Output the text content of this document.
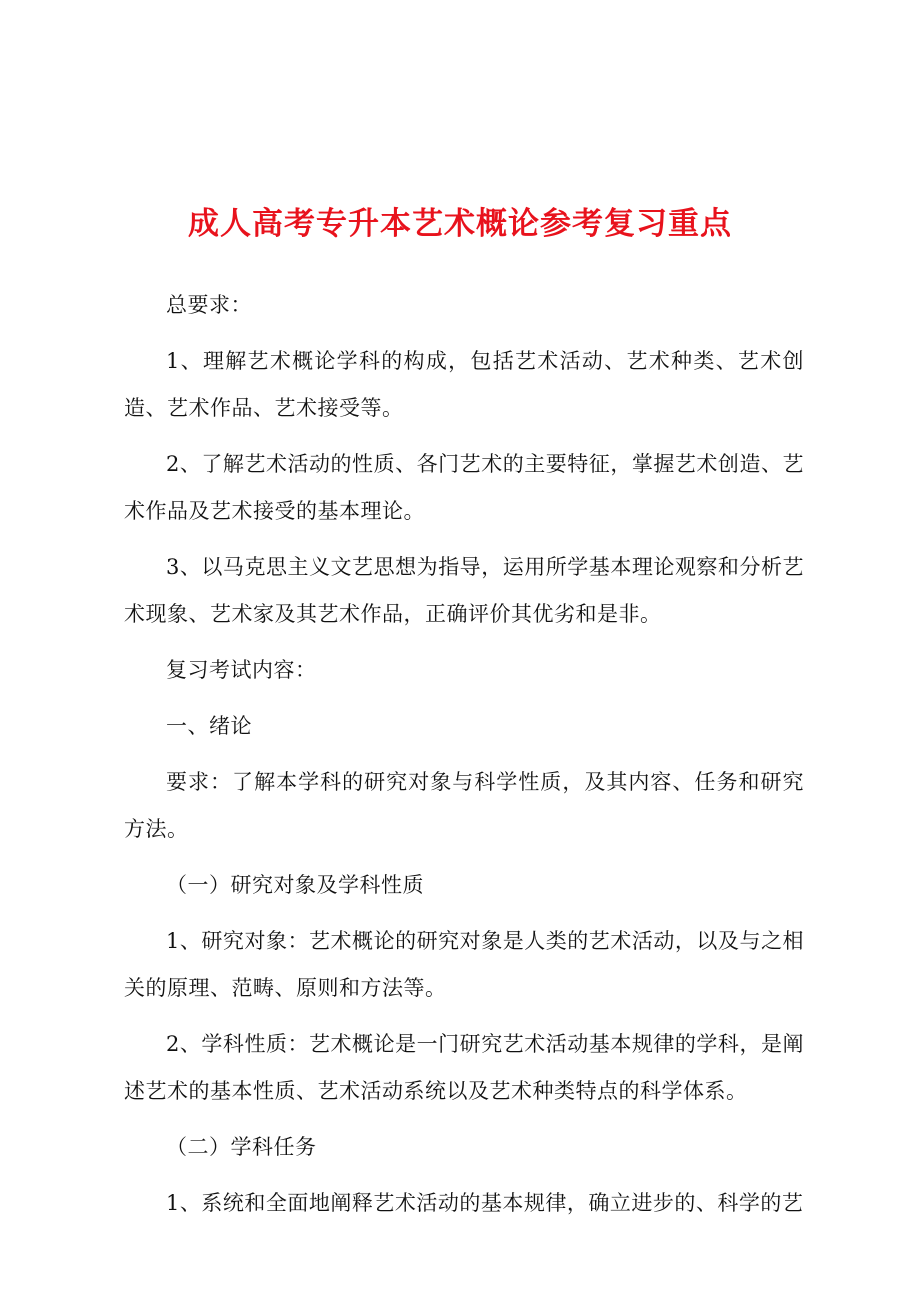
成人高考专升本艺术概论参考复习重点

总要求：

1、理解艺术概论学科的构成，包括艺术活动、艺术种类、艺术创造、艺术作品、艺术接受等。

2、了解艺术活动的性质、各门艺术的主要特征，掌握艺术创造、艺术作品及艺术接受的基本理论。

3、以马克思主义文艺思想为指导，运用所学基本理论观察和分析艺术现象、艺术家及其艺术作品，正确评价其优劣和是非。

复习考试内容：

一、绪论

要求：了解本学科的研究对象与科学性质，及其内容、任务和研究方法。

（一）研究对象及学科性质

1、研究对象：艺术概论的研究对象是人类的艺术活动，以及与之相关的原理、范畴、原则和方法等。

2、学科性质：艺术概论是一门研究艺术活动基本规律的学科，是阐述艺术的基本性质、艺术活动系统以及艺术种类特点的科学体系。

（二）学科任务

1、系统和全面地阐释艺术活动的基本规律，确立进步的、科学的艺
